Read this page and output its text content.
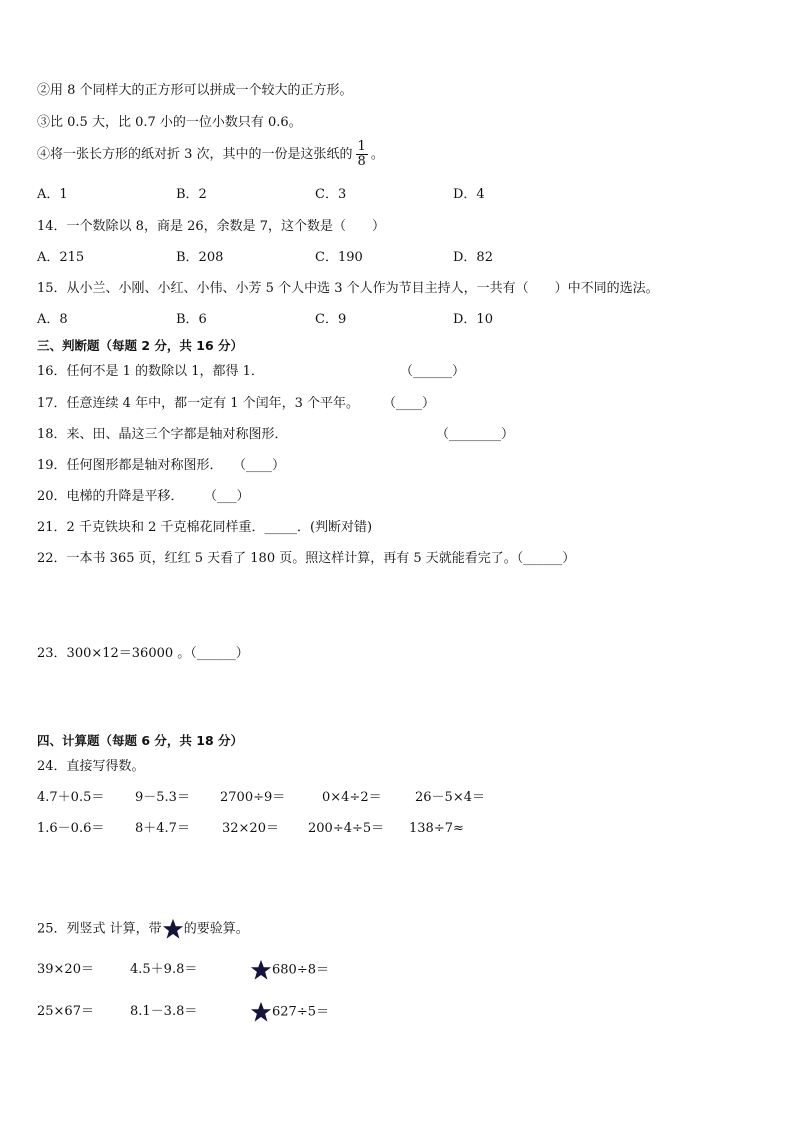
②用 8 个同样大的正方形可以拼成一个较大的正方形。
③比 0.5 大，比 0.7 小的一位小数只有 0.6。
④将一张长方形的纸对折 3 次，其中的一份是这张纸的 $\frac{1}{8}$ 。
A．1	B．2	C．3	D．4
14．一个数除以 8，商是 26，余数是 7，这个数是（　　）
A．215	B．208	C．190	D．82
15．从小兰、小刚、小红、小伟、小芳 5 个人中选 3 个人作为节目主持人，一共有（　　）中不同的选法。
A．8	B．6	C．9	D．10
三、判断题（每题 2 分，共 16 分）
16．任何不是 1 的数除以 1，都得 1．	（______）
17．任意连续 4 年中，都一定有 1 个闰年，3 个平年。 （____）
18．来、田、晶这三个字都是轴对称图形．	（________）
19．任何图形都是轴对称图形． （____）
20．电梯的升降是平移． （___）
21．2 千克铁块和 2 千克棉花同样重．_____．(判断对错)
22．一本书 365 页，红红 5 天看了 180 页。照这样计算，再有 5 天就能看完了。（______）
23．300×12＝36000 。（______）
四、计算题（每题 6 分，共 18 分）
24．直接写得数。
4.7＋0.5＝ 9－5.3＝ 2700÷9＝	0×4÷2＝	26－5×4＝
1.6－0.6＝ 8＋4.7＝ 32×20＝ 200÷4÷5＝ 138÷7≈
25．列竖式 计算，带 的要验算。
39×20＝	4.5＋9.8＝	680÷8＝
25×67＝	8.1－3.8＝	627÷5＝
